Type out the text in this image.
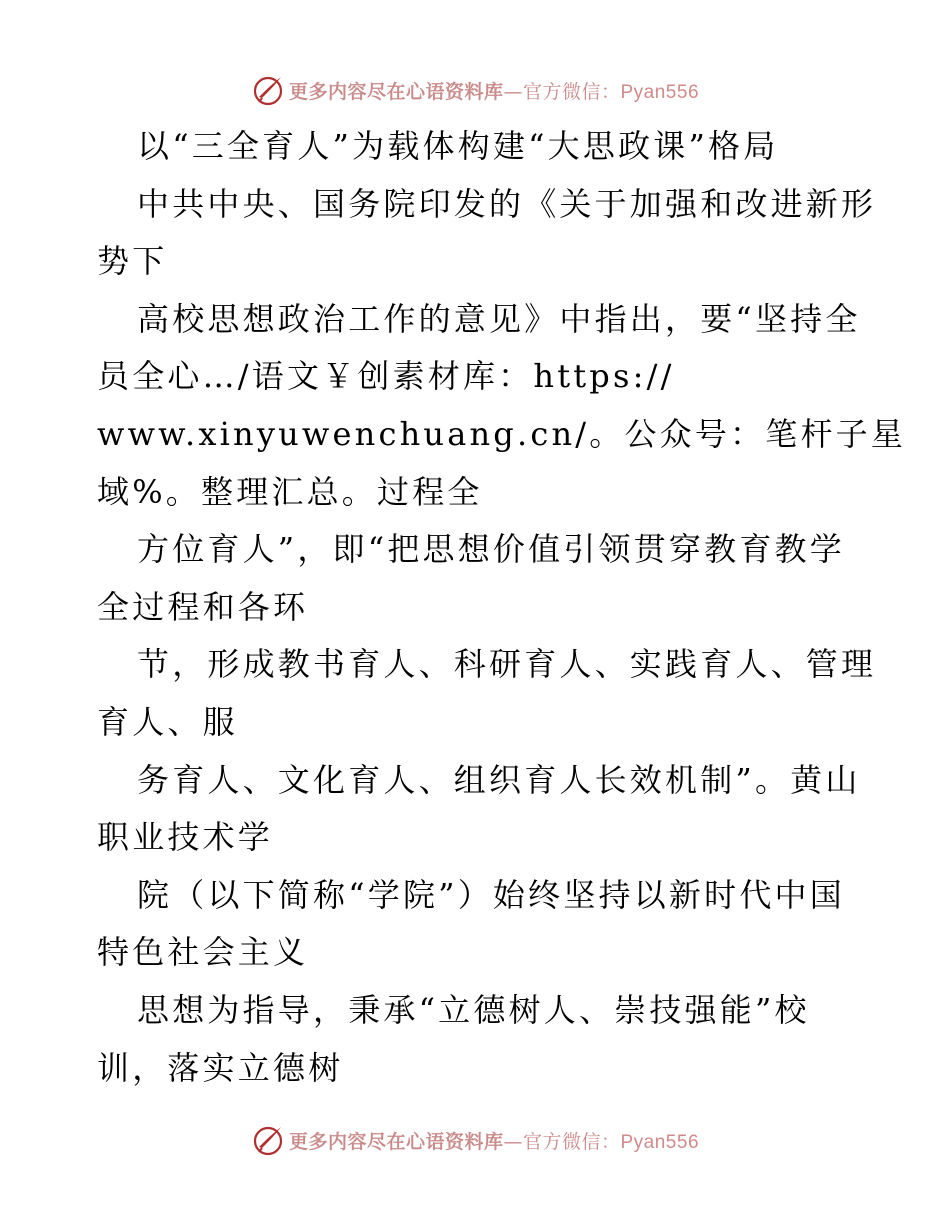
更多内容尽在心语资料库—官方微信：Pyan556
以“三全育人”为载体构建“大思政课”格局
中共中央、国务院印发的《关于加强和改进新形
势下
高校思想政治工作的意见》中指出，要“坚持全
员全心…/语文￥创素材库：https://
www.xinyuwenchuang.cn/。公众号：笔杆子星
域%。整理汇总。过程全
方位育人”，即“把思想价值引领贯穿教育教学
全过程和各环
节，形成教书育人、科研育人、实践育人、管理
育人、服
务育人、文化育人、组织育人长效机制”。黄山
职业技术学
院（以下简称“学院”）始终坚持以新时代中国
特色社会主义
思想为指导，秉承“立德树人、崇技强能”校
训，落实立德树
更多内容尽在心语资料库—官方微信：Pyan556
